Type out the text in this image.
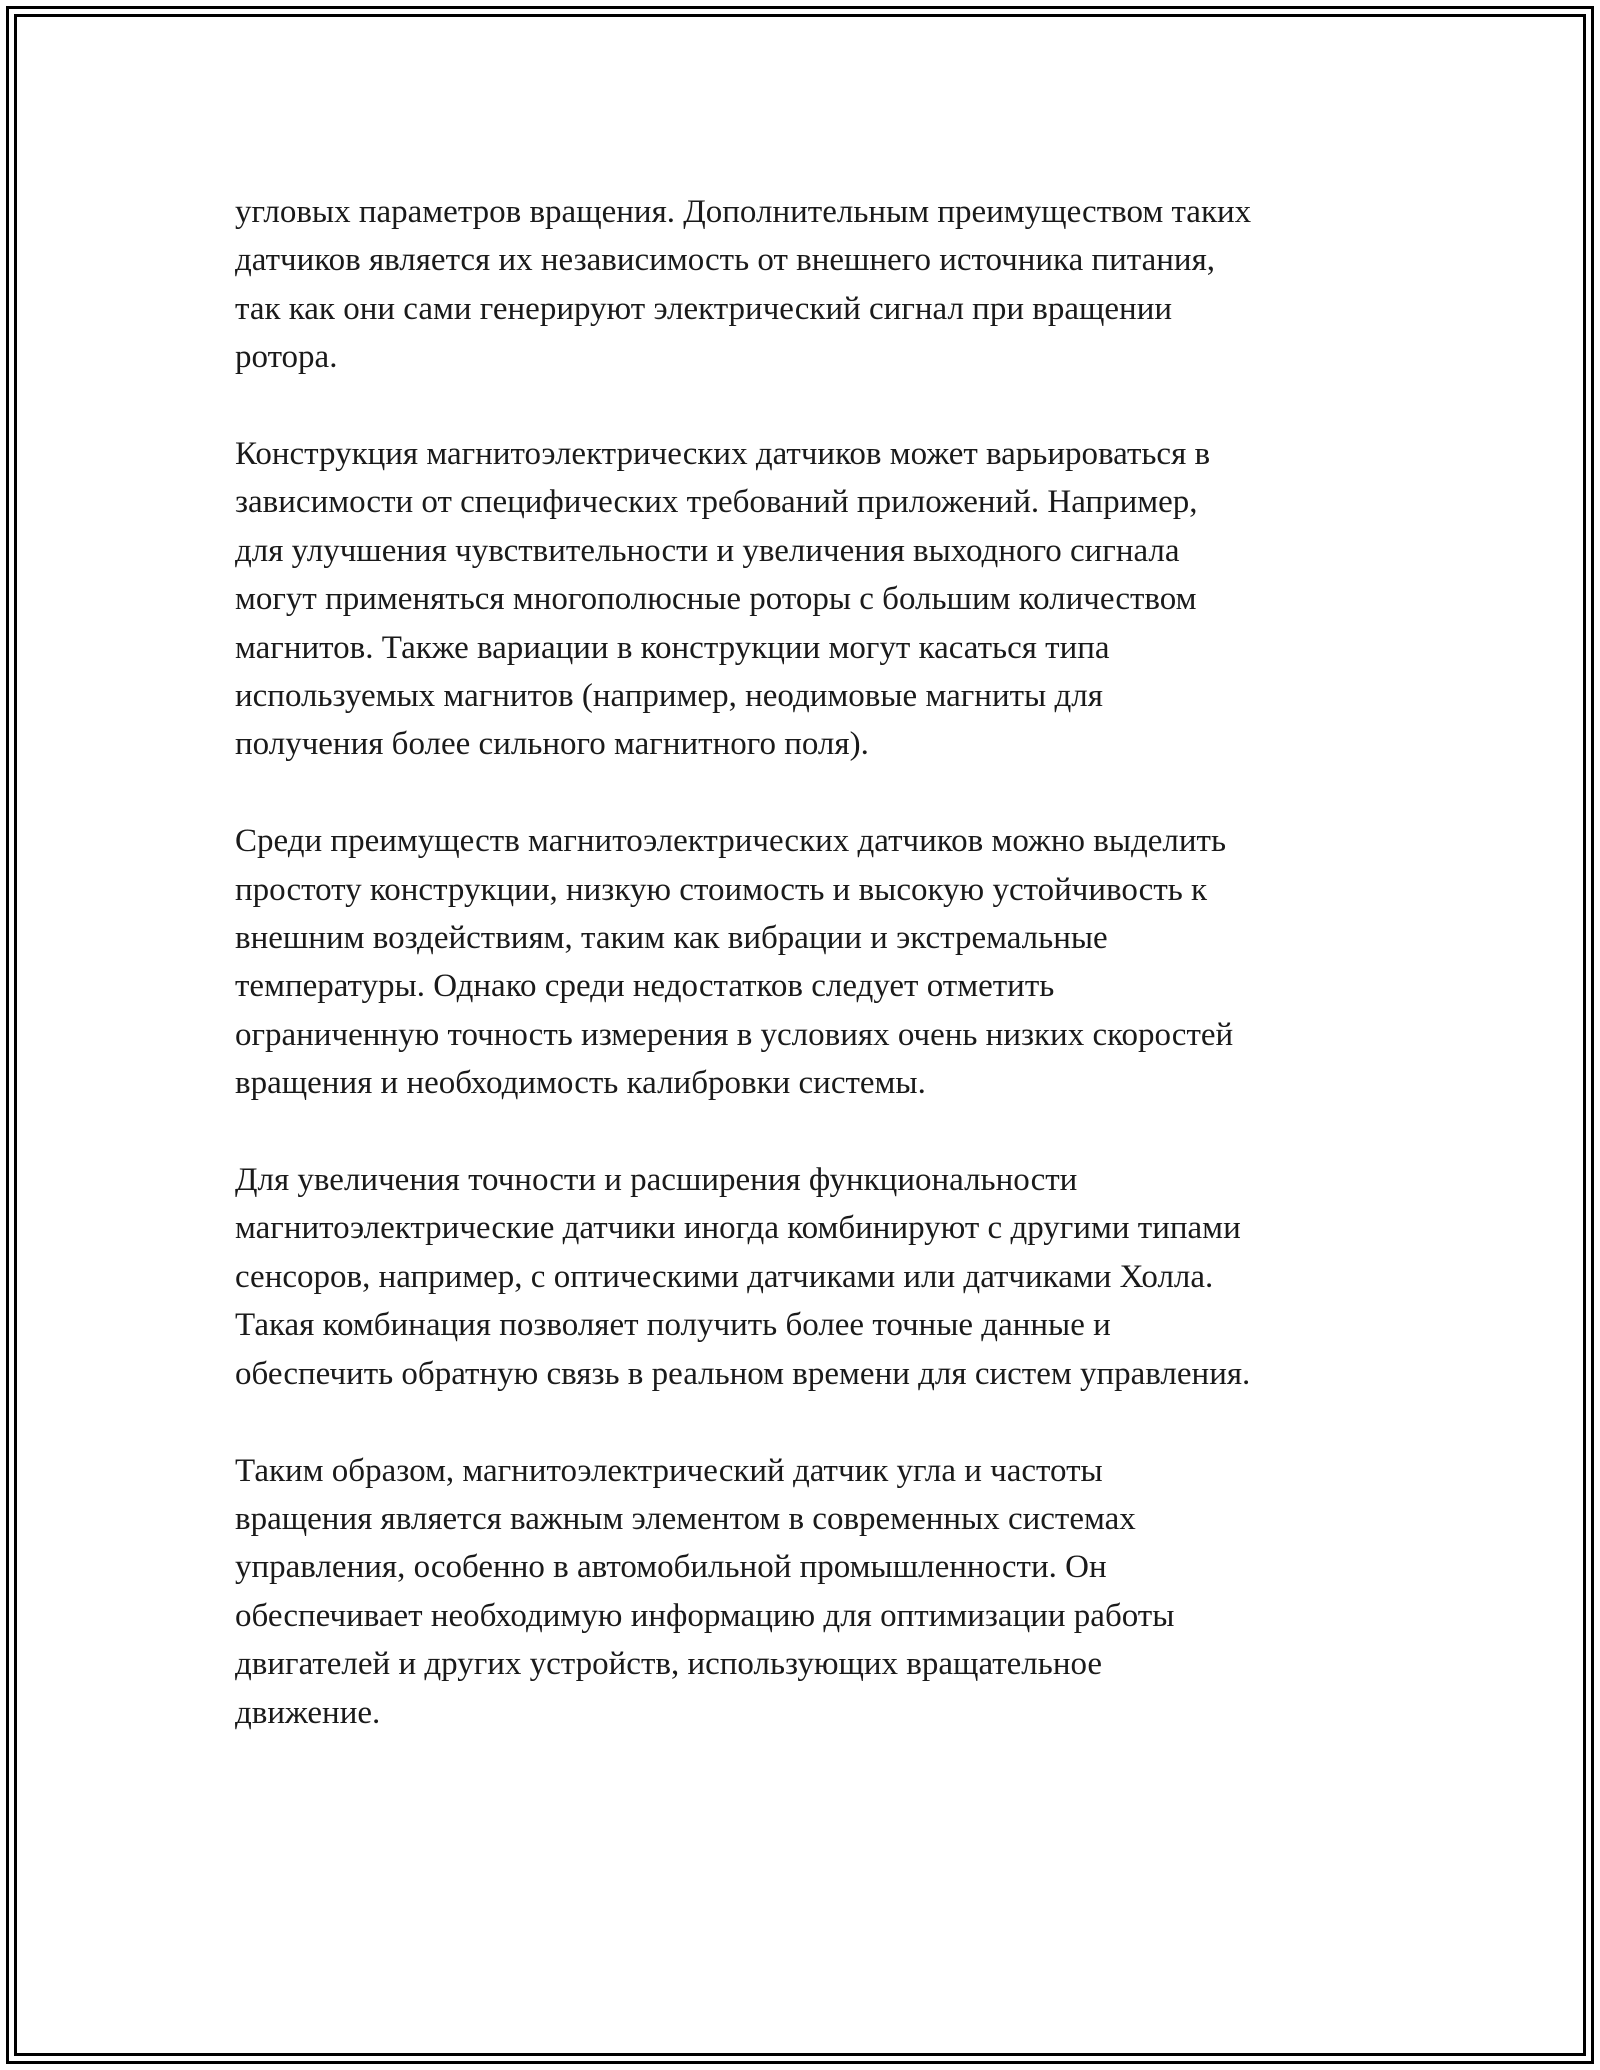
угловых параметров вращения. Дополнительным преимуществом таких
датчиков является их независимость от внешнего источника питания,
так как они сами генерируют электрический сигнал при вращении
ротора.

Конструкция магнитоэлектрических датчиков может варьироваться в
зависимости от специфических требований приложений. Например,
для улучшения чувствительности и увеличения выходного сигнала
могут применяться многополюсные роторы с большим количеством
магнитов. Также вариации в конструкции могут касаться типа
используемых магнитов (например, неодимовые магниты для
получения более сильного магнитного поля).

Среди преимуществ магнитоэлектрических датчиков можно выделить
простоту конструкции, низкую стоимость и высокую устойчивость к
внешним воздействиям, таким как вибрации и экстремальные
температуры. Однако среди недостатков следует отметить
ограниченную точность измерения в условиях очень низких скоростей
вращения и необходимость калибровки системы.

Для увеличения точности и расширения функциональности
магнитоэлектрические датчики иногда комбинируют с другими типами
сенсоров, например, с оптическими датчиками или датчиками Холла.
Такая комбинация позволяет получить более точные данные и
обеспечить обратную связь в реальном времени для систем управления.

Таким образом, магнитоэлектрический датчик угла и частоты
вращения является важным элементом в современных системах
управления, особенно в автомобильной промышленности. Он
обеспечивает необходимую информацию для оптимизации работы
двигателей и других устройств, использующих вращательное
движение.
